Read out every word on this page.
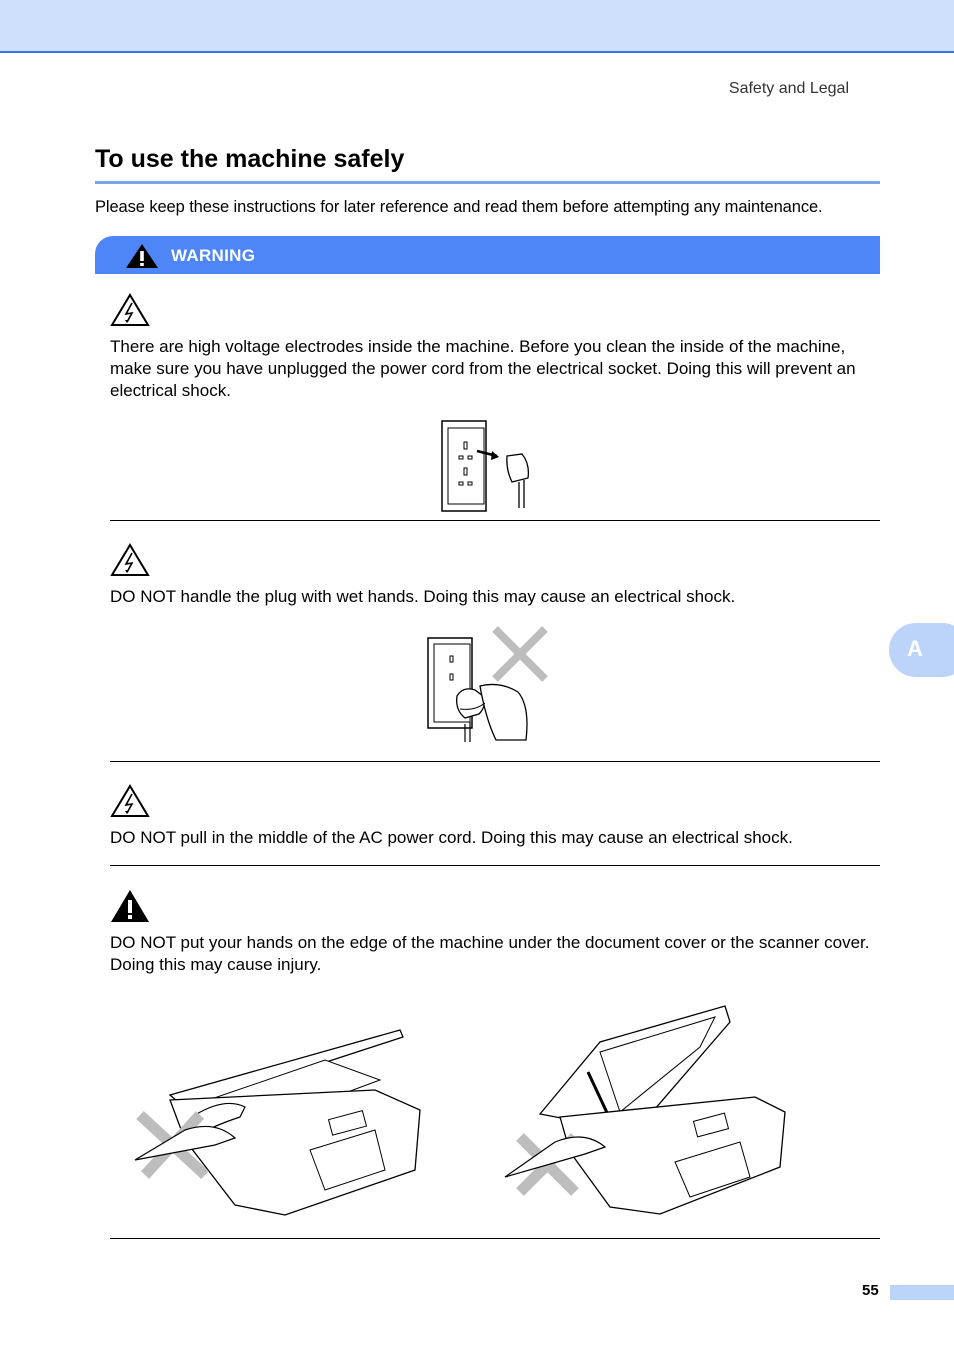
Safety and Legal
To use the machine safely

Please keep these instructions for later reference and read them before attempting any maintenance.

WARNING

There are high voltage electrodes inside the machine. Before you clean the inside of the machine, make sure you have unplugged the power cord from the electrical socket. Doing this will prevent an electrical shock.

DO NOT handle the plug with wet hands. Doing this may cause an electrical shock.

DO NOT pull in the middle of the AC power cord. Doing this may cause an electrical shock.

DO NOT put your hands on the edge of the machine under the document cover or the scanner cover. Doing this may cause injury.

A
55
